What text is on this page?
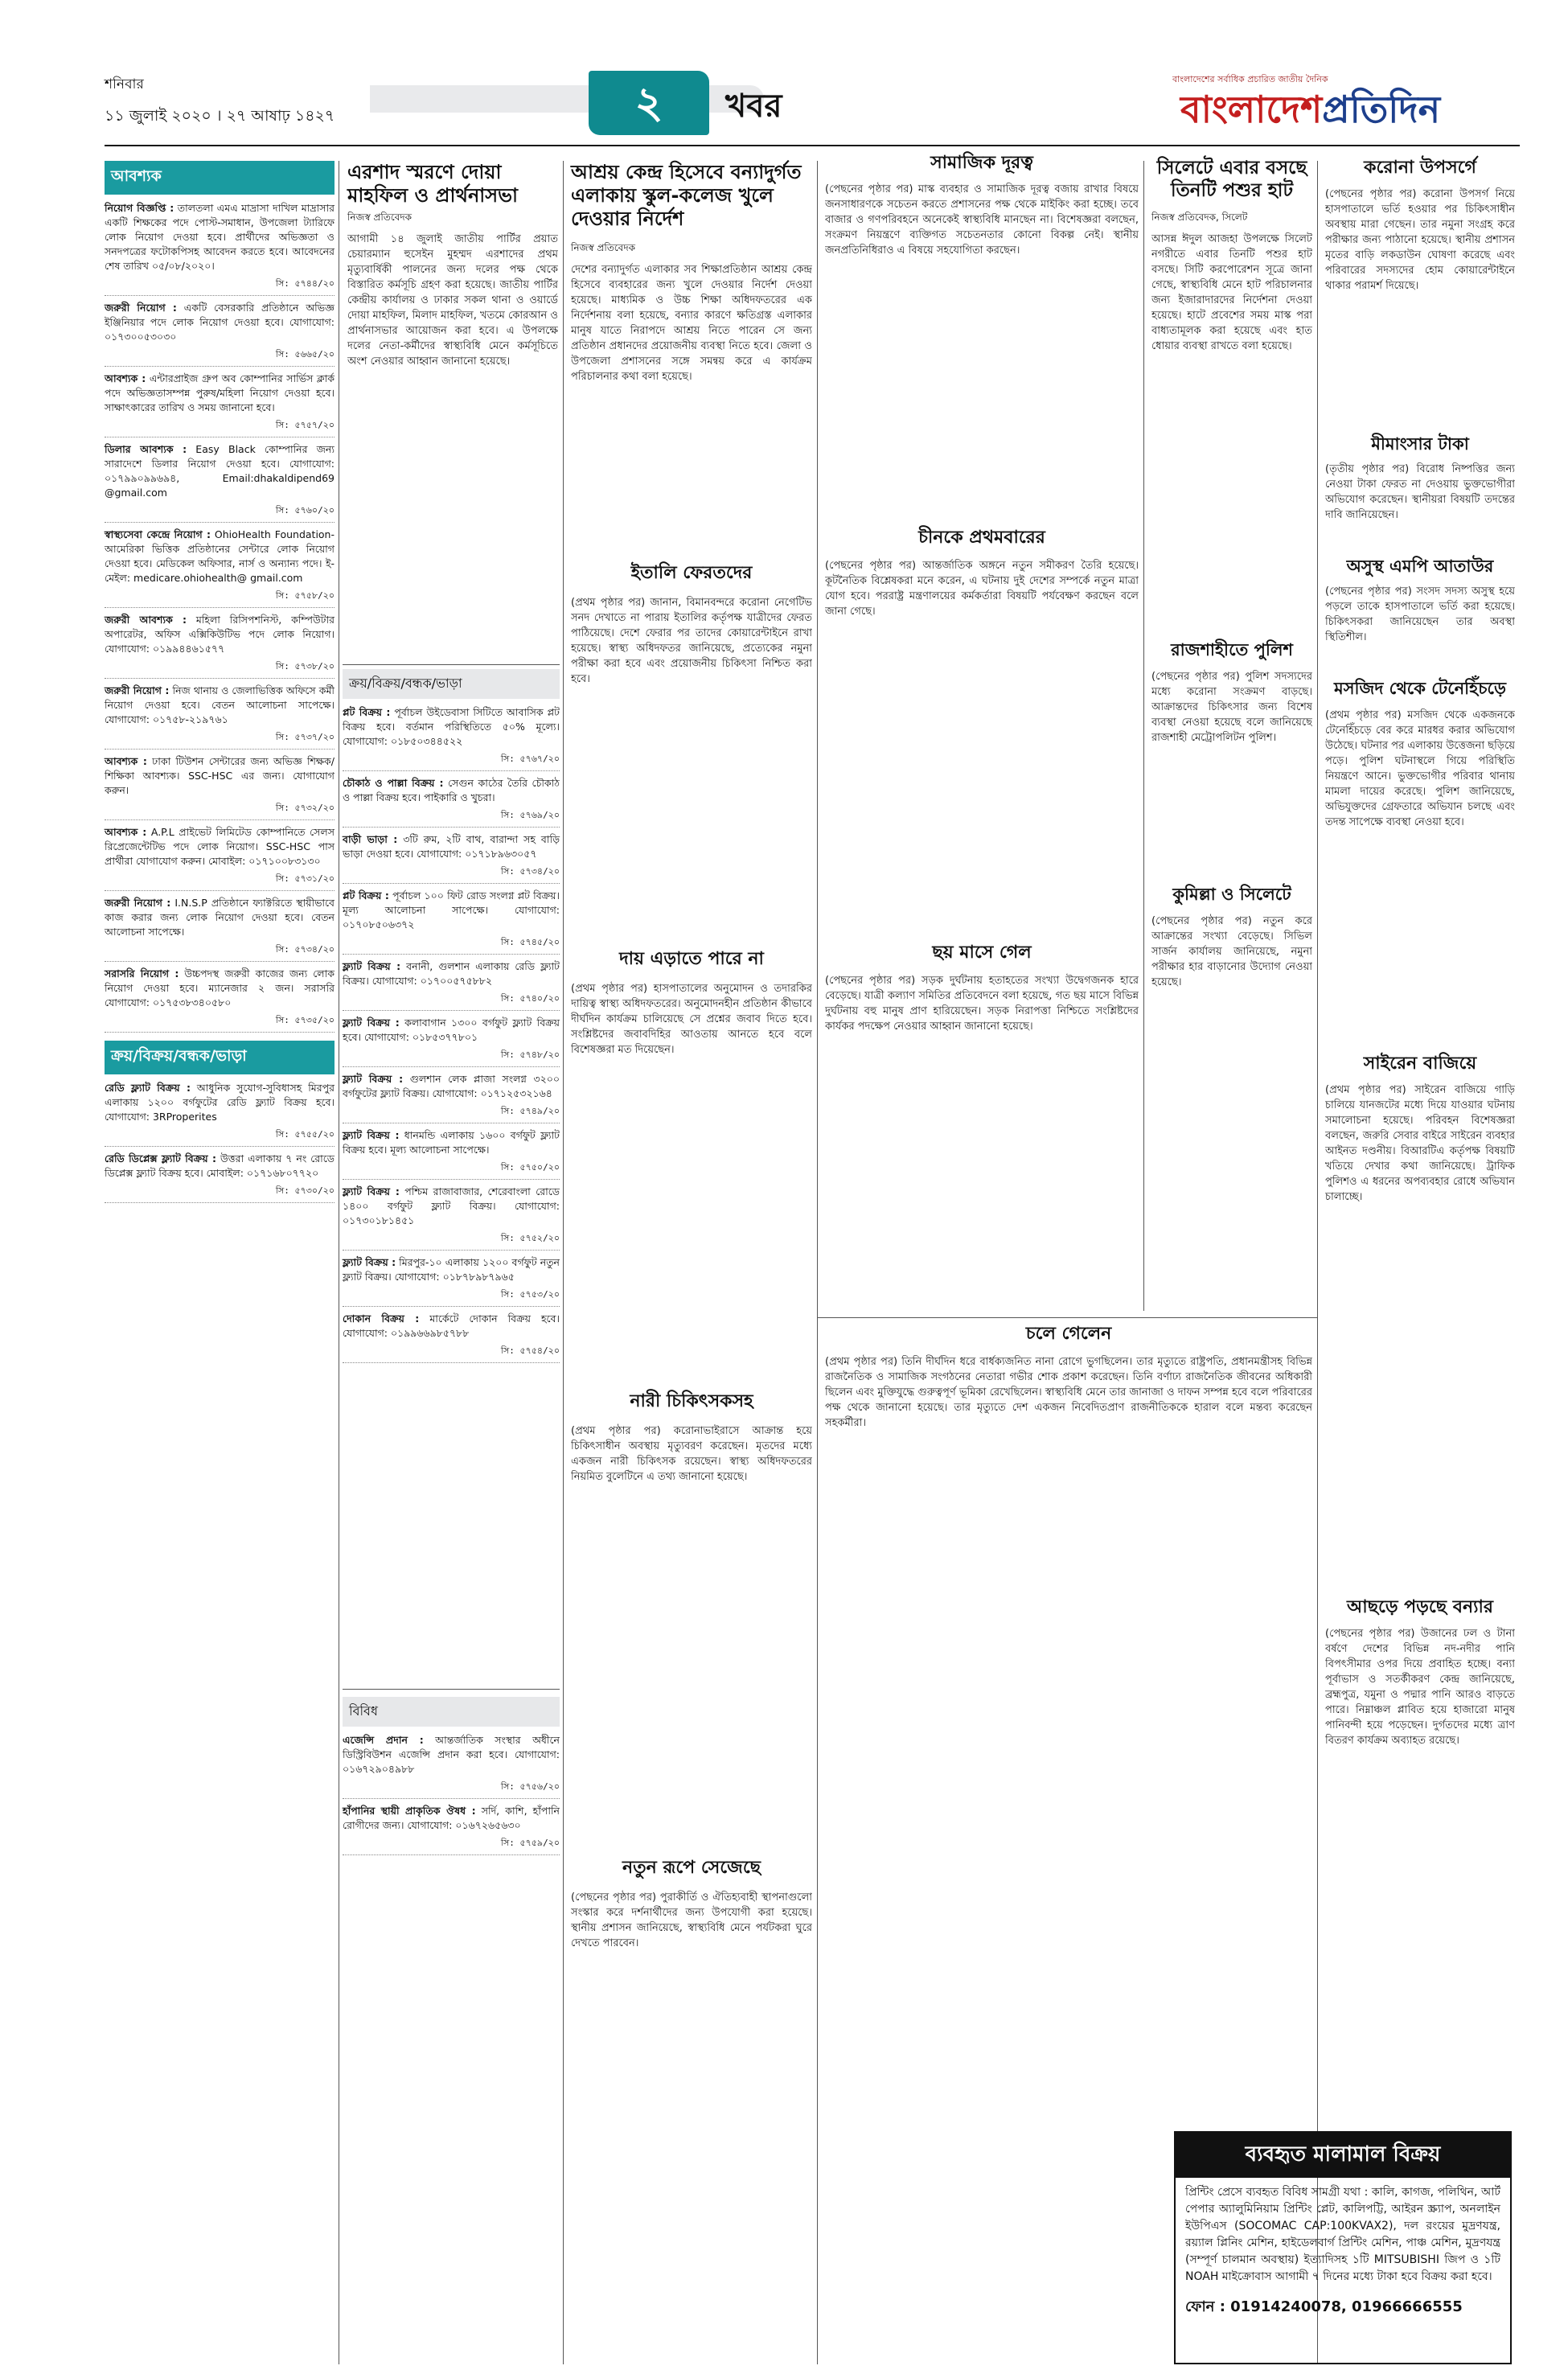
শনিবার
১১ জুলাই ২০২০ । ২৭ আষাঢ় ১৪২৭	২	খবর
বাংলাদেশের সর্বাধিক প্রচারিত জাতীয় দৈনিক
বাংলাদেশপ্রতিদিন
আবশ্যক
নিয়োগ বিজ্ঞপ্তি : তালতলা এমএ মাদ্রাসা দাখিল মাদ্রাসার একটি শিক্ষকের পদে পোস্ট-সমাধান, উপজেলা ট্যারিফে লোক নিয়োগ দেওয়া হবে। প্রার্থীদের অভিজ্ঞতা ও সনদপত্রের ফটোকপিসহ আবেদন করতে হবে। আবেদনের শেষ তারিখ ০৫/০৮/২০২০।
সি: ৫৭৪৪/২০
জরুরী নিয়োগ : একটি বেসরকারি প্রতিষ্ঠানে অভিজ্ঞ ইঞ্জিনিয়ার পদে লোক নিয়োগ দেওয়া হবে। যোগাযোগ: ০১৭৩০০৫৩০৩০
সি: ৫৬৬৫/২০
আবশ্যক : এন্টারপ্রাইজ গ্রুপ অব কোম্পানির সার্ভিস ক্লার্ক পদে অভিজ্ঞতাসম্পন্ন পুরুষ/মহিলা নিয়োগ দেওয়া হবে। সাক্ষাৎকারের তারিখ ও সময় জানানো হবে।
সি: ৫৭৫৭/২০
ডিলার আবশ্যক : Easy Black কোম্পানির জন্য সারাদেশে ডিলার নিয়োগ দেওয়া হবে। যোগাযোগ: ০১৭৯৯০৯৯৬৯৪, Email:dhakaldipend69 @gmail.com
সি: ৫৭৬০/২০
স্বাস্থ্যসেবা কেন্দ্রে নিয়োগ : OhioHealth Foundation- আমেরিকা ভিত্তিক প্রতিষ্ঠানের সেন্টারে লোক নিয়োগ দেওয়া হবে। মেডিকেল অফিসার, নার্স ও অন্যান্য পদে। ই-মেইল: medicare.ohiohealth@ gmail.com
সি: ৫৭৫৮/২০
জরুরী আবশ্যক : মহিলা রিসিপশনিস্ট, কম্পিউটার অপারেটর, অফিস এক্সিকিউটিভ পদে লোক নিয়োগ। যোগাযোগ: ০১৯৯৪৪৬১৫৭৭
সি: ৫৭৩৮/২০
জরুরী নিয়োগ : নিজ থানায় ও জেলাভিত্তিক অফিসে কর্মী নিয়োগ দেওয়া হবে। বেতন আলোচনা সাপেক্ষে। যোগাযোগ: ০১৭৫৮-২১৯৭৬১
সি: ৫৭৩৭/২০
আবশ্যক : ঢাকা টিউশন সেন্টারের জন্য অভিজ্ঞ শিক্ষক/শিক্ষিকা আবশ্যক। SSC-HSC এর জন্য। যোগাযোগ করুন।
সি: ৫৭৩২/২০
আবশ্যক : A.P.L প্রাইভেট লিমিটেড কোম্পানিতে সেলস রিপ্রেজেন্টেটিভ পদে লোক নিয়োগ। SSC-HSC পাস প্রার্থীরা যোগাযোগ করুন। মোবাইল: ০১৭১০০৮৩১৩০
সি: ৫৭৩১/২০
জরুরী নিয়োগ : I.N.S.P প্রতিষ্ঠানে ফ্যাক্টরিতে স্থায়ীভাবে কাজ করার জন্য লোক নিয়োগ দেওয়া হবে। বেতন আলোচনা সাপেক্ষে।
সি: ৫৭৩৪/২০
সরাসরি নিয়োগ : উচ্চপদস্থ জরুরী কাজের জন্য লোক নিয়োগ দেওয়া হবে। ম্যানেজার ২ জন। সরাসরি যোগাযোগ: ০১৭৫৩৮৩৪০৫৮০
সি: ৫৭৩৫/২০
ক্রয়/বিক্রয়/বন্ধক/ভাড়া
রেডি ফ্ল্যাট বিক্রয় : আধুনিক সুযোগ-সুবিধাসহ মিরপুর এলাকায় ১২০০ বর্গফুটের রেডি ফ্ল্যাট বিক্রয় হবে। যোগাযোগ: 3RProperites
সি: ৫৭৫৫/২০
রেডি ডিপ্লেক্স ফ্ল্যাট বিক্রয় : উত্তরা এলাকায় ৭ নং রোডে ডিপ্লেক্স ফ্ল্যাট বিক্রয় হবে। মোবাইল: ০১৭১৬৮০৭৭২০
সি: ৫৭৩০/২০
এরশাদ স্মরণে দোয়া মাহফিল ও প্রার্থনাসভা
নিজস্ব প্রতিবেদক

আগামী ১৪ জুলাই জাতীয় পার্টির প্রয়াত চেয়ারম্যান হুসেইন মুহম্মদ এরশাদের প্রথম মৃত্যুবার্ষিকী পালনের জন্য দলের পক্ষ থেকে বিস্তারিত কর্মসূচি গ্রহণ করা হয়েছে। জাতীয় পার্টির কেন্দ্রীয় কার্যালয় ও ঢাকার সকল থানা ও ওয়ার্ডে দোয়া মাহফিল, মিলাদ মাহফিল, খতমে কোরআন ও প্রার্থনাসভার আয়োজন করা হবে। এ উপলক্ষে দলের নেতা-কর্মীদের স্বাস্থ্যবিধি মেনে কর্মসূচিতে অংশ নেওয়ার আহ্বান জানানো হয়েছে।

ক্রয়/বিক্রয়/বন্ধক/ভাড়া
প্লট বিক্রয় : পূর্বাচল উইডেবাসা সিটিতে আবাসিক প্লট বিক্রয় হবে। বর্তমান পরিস্থিতিতে ৫০% মূল্যে। যোগাযোগ: ০১৮৫০৩৪৪৫২২
সি: ৫৭৬৭/২০
চৌকাঠ ও পাল্লা বিক্রয় : সেগুন কাঠের তৈরি চৌকাঠ ও পাল্লা বিক্রয় হবে। পাইকারি ও খুচরা।
সি: ৫৭৬৯/২০
বাড়ী ভাড়া : ৩টি রুম, ২টি বাথ, বারান্দা সহ বাড়ি ভাড়া দেওয়া হবে। যোগাযোগ: ০১৭১৮৯৬৩০৫৭
সি: ৫৭৩৪/২০
প্লট বিক্রয় : পূর্বাচল ১০০ ফিট রোড সংলগ্ন প্লট বিক্রয়। মূল্য আলোচনা সাপেক্ষে। যোগাযোগ: ০১৭০৮৫০৬৩৭২
সি: ৫৭৪৫/২০
ফ্ল্যাট বিক্রয় : বনানী, গুলশান এলাকায় রেডি ফ্ল্যাট বিক্রয়। যোগাযোগ: ০১৭০০৫৭৫৮৮২
সি: ৫৭৪০/২০
ফ্ল্যাট বিক্রয় : কলাবাগান ১৩০০ বর্গফুট ফ্ল্যাট বিক্রয় হবে। যোগাযোগ: ০১৮৫৩৭৭৮০১
সি: ৫৭৪৮/২০
ফ্ল্যাট বিক্রয় : গুলশান লেক প্লাজা সংলগ্ন ৩২০০ বর্গফুটের ফ্ল্যাট বিক্রয়। যোগাযোগ: ০১৭১২৫৩২১৬৪
সি: ৫৭৪৯/২০
ফ্ল্যাট বিক্রয় : ধানমন্ডি এলাকায় ১৬০০ বর্গফুট ফ্ল্যাট বিক্রয় হবে। মূল্য আলোচনা সাপেক্ষে।
সি: ৫৭৫০/২০
ফ্ল্যাট বিক্রয় : পশ্চিম রাজাবাজার, শেরেবাংলা রোডে ১৪০০ বর্গফুট ফ্ল্যাট বিক্রয়। যোগাযোগ: ০১৭৩০১৮১৪৫১
সি: ৫৭৫২/২০
ফ্ল্যাট বিক্রয় : মিরপুর-১০ এলাকায় ১২০০ বর্গফুট নতুন ফ্ল্যাট বিক্রয়। যোগাযোগ: ০১৮৭৮৯৮৭৯৬৫
সি: ৫৭৫৩/২০
দোকান বিক্রয় : মার্কেটে দোকান বিক্রয় হবে। যোগাযোগ: ০১৯৯৬৬৯৮৫৭৮৮
সি: ৫৭৫৪/২০
বিবিধ
এজেন্সি প্রদান : আন্তর্জাতিক সংস্থার অধীনে ডিস্ট্রিবিউশন এজেন্সি প্রদান করা হবে। যোগাযোগ: ০১৬৭২৯০৪৯৮৮
সি: ৫৭৫৬/২০
হাঁপানির স্থায়ী প্রাকৃতিক ঔষধ : সর্দি, কাশি, হাঁপানি রোগীদের জন্য। যোগাযোগ: ০১৬৭২৬৫৬৩০
সি: ৫৭৫৯/২০
আশ্রয় কেন্দ্র হিসেবে বন্যাদুর্গত এলাকায় স্কুল-কলেজ খুলে দেওয়ার নির্দেশ
নিজস্ব প্রতিবেদক

দেশের বন্যাদুর্গত এলাকার সব শিক্ষাপ্রতিষ্ঠান আশ্রয় কেন্দ্র হিসেবে ব্যবহারের জন্য খুলে দেওয়ার নির্দেশ দেওয়া হয়েছে। মাধ্যমিক ও উচ্চ শিক্ষা অধিদফতরের এক নির্দেশনায় বলা হয়েছে, বন্যার কারণে ক্ষতিগ্রস্ত এলাকার মানুষ যাতে নিরাপদে আশ্রয় নিতে পারেন সে জন্য প্রতিষ্ঠান প্রধানদের প্রয়োজনীয় ব্যবস্থা নিতে হবে। জেলা ও উপজেলা প্রশাসনের সঙ্গে সমন্বয় করে এ কার্যক্রম পরিচালনার কথা বলা হয়েছে।

ইতালি ফেরতদের

(প্রথম পৃষ্ঠার পর) জানান, বিমানবন্দরে করোনা নেগেটিভ সনদ দেখাতে না পারায় ইতালির কর্তৃপক্ষ যাত্রীদের ফেরত পাঠিয়েছে। দেশে ফেরার পর তাদের কোয়ারেন্টাইনে রাখা হয়েছে। স্বাস্থ্য অধিদফতর জানিয়েছে, প্রত্যেকের নমুনা পরীক্ষা করা হবে এবং প্রয়োজনীয় চিকিৎসা নিশ্চিত করা হবে।

দায় এড়াতে পারে না

(প্রথম পৃষ্ঠার পর) হাসপাতালের অনুমোদন ও তদারকির দায়িত্ব স্বাস্থ্য অধিদফতরের। অনুমোদনহীন প্রতিষ্ঠান কীভাবে দীর্ঘদিন কার্যক্রম চালিয়েছে সে প্রশ্নের জবাব দিতে হবে। সংশ্লিষ্টদের জবাবদিহির আওতায় আনতে হবে বলে বিশেষজ্ঞরা মত দিয়েছেন।

নারী চিকিৎসকসহ

(প্রথম পৃষ্ঠার পর) করোনাভাইরাসে আক্রান্ত হয়ে চিকিৎসাধীন অবস্থায় মৃত্যুবরণ করেছেন। মৃতদের মধ্যে একজন নারী চিকিৎসক রয়েছেন। স্বাস্থ্য অধিদফতরের নিয়মিত বুলেটিনে এ তথ্য জানানো হয়েছে।

নতুন রূপে সেজেছে

(পেছনের পৃষ্ঠার পর) পুরাকীর্তি ও ঐতিহ্যবাহী স্থাপনাগুলো সংস্কার করে দর্শনার্থীদের জন্য উপযোগী করা হয়েছে। স্থানীয় প্রশাসন জানিয়েছে, স্বাস্থ্যবিধি মেনে পর্যটকরা ঘুরে দেখতে পারবেন।

সামাজিক দূরত্ব

(পেছনের পৃষ্ঠার পর) মাস্ক ব্যবহার ও সামাজিক দূরত্ব বজায় রাখার বিষয়ে জনসাধারণকে সচেতন করতে প্রশাসনের পক্ষ থেকে মাইকিং করা হচ্ছে। তবে বাজার ও গণপরিবহনে অনেকেই স্বাস্থ্যবিধি মানছেন না। বিশেষজ্ঞরা বলছেন, সংক্রমণ নিয়ন্ত্রণে ব্যক্তিগত সচেতনতার কোনো বিকল্প নেই। স্থানীয় জনপ্রতিনিধিরাও এ বিষয়ে সহযোগিতা করছেন।

চীনকে প্রথমবারের

(পেছনের পৃষ্ঠার পর) আন্তর্জাতিক অঙ্গনে নতুন সমীকরণ তৈরি হয়েছে। কূটনৈতিক বিশ্লেষকরা মনে করেন, এ ঘটনায় দুই দেশের সম্পর্কে নতুন মাত্রা যোগ হবে। পররাষ্ট্র মন্ত্রণালয়ের কর্মকর্তারা বিষয়টি পর্যবেক্ষণ করছেন বলে জানা গেছে।

ছয় মাসে গেল

(পেছনের পৃষ্ঠার পর) সড়ক দুর্ঘটনায় হতাহতের সংখ্যা উদ্বেগজনক হারে বেড়েছে। যাত্রী কল্যাণ সমিতির প্রতিবেদনে বলা হয়েছে, গত ছয় মাসে বিভিন্ন দুর্ঘটনায় বহু মানুষ প্রাণ হারিয়েছেন। সড়ক নিরাপত্তা নিশ্চিতে সংশ্লিষ্টদের কার্যকর পদক্ষেপ নেওয়ার আহ্বান জানানো হয়েছে।

সিলেটে এবার বসছে তিনটি পশুর হাট
নিজস্ব প্রতিবেদক, সিলেট

আসন্ন ঈদুল আজহা উপলক্ষে সিলেট নগরীতে এবার তিনটি পশুর হাট বসছে। সিটি করপোরেশন সূত্রে জানা গেছে, স্বাস্থ্যবিধি মেনে হাট পরিচালনার জন্য ইজারাদারদের নির্দেশনা দেওয়া হয়েছে। হাটে প্রবেশের সময় মাস্ক পরা বাধ্যতামূলক করা হয়েছে এবং হাত ধোয়ার ব্যবস্থা রাখতে বলা হয়েছে।

রাজশাহীতে পুলিশ

(পেছনের পৃষ্ঠার পর) পুলিশ সদস্যদের মধ্যে করোনা সংক্রমণ বাড়ছে। আক্রান্তদের চিকিৎসার জন্য বিশেষ ব্যবস্থা নেওয়া হয়েছে বলে জানিয়েছে রাজশাহী মেট্রোপলিটন পুলিশ।

কুমিল্লা ও সিলেটে

(পেছনের পৃষ্ঠার পর) নতুন করে আক্রান্তের সংখ্যা বেড়েছে। সিভিল সার্জন কার্যালয় জানিয়েছে, নমুনা পরীক্ষার হার বাড়ানোর উদ্যোগ নেওয়া হয়েছে।

চলে গেলেন

(প্রথম পৃষ্ঠার পর) তিনি দীর্ঘদিন ধরে বার্ধক্যজনিত নানা রোগে ভুগছিলেন। তার মৃত্যুতে রাষ্ট্রপতি, প্রধানমন্ত্রীসহ বিভিন্ন রাজনৈতিক ও সামাজিক সংগঠনের নেতারা গভীর শোক প্রকাশ করেছেন। তিনি বর্ণাঢ্য রাজনৈতিক জীবনের অধিকারী ছিলেন এবং মুক্তিযুদ্ধে গুরুত্বপূর্ণ ভূমিকা রেখেছিলেন। স্বাস্থ্যবিধি মেনে তার জানাজা ও দাফন সম্পন্ন হবে বলে পরিবারের পক্ষ থেকে জানানো হয়েছে। তার মৃত্যুতে দেশ একজন নিবেদিতপ্রাণ রাজনীতিককে হারাল বলে মন্তব্য করেছেন সহকর্মীরা।

করোনা উপসর্গে

(পেছনের পৃষ্ঠার পর) করোনা উপসর্গ নিয়ে হাসপাতালে ভর্তি হওয়ার পর চিকিৎসাধীন অবস্থায় মারা গেছেন। তার নমুনা সংগ্রহ করে পরীক্ষার জন্য পাঠানো হয়েছে। স্থানীয় প্রশাসন মৃতের বাড়ি লকডাউন ঘোষণা করেছে এবং পরিবারের সদস্যদের হোম কোয়ারেন্টাইনে থাকার পরামর্শ দিয়েছে।

মীমাংসার টাকা

(তৃতীয় পৃষ্ঠার পর) বিরোধ নিষ্পত্তির জন্য নেওয়া টাকা ফেরত না দেওয়ায় ভুক্তভোগীরা অভিযোগ করেছেন। স্থানীয়রা বিষয়টি তদন্তের দাবি জানিয়েছেন।

অসুস্থ এমপি আতাউর

(পেছনের পৃষ্ঠার পর) সংসদ সদস্য অসুস্থ হয়ে পড়লে তাকে হাসপাতালে ভর্তি করা হয়েছে। চিকিৎসকরা জানিয়েছেন তার অবস্থা স্থিতিশীল।

মসজিদ থেকে টেনেহিঁচড়ে

(প্রথম পৃষ্ঠার পর) মসজিদ থেকে একজনকে টেনেহিঁচড়ে বের করে মারধর করার অভিযোগ উঠেছে। ঘটনার পর এলাকায় উত্তেজনা ছড়িয়ে পড়ে। পুলিশ ঘটনাস্থলে গিয়ে পরিস্থিতি নিয়ন্ত্রণে আনে। ভুক্তভোগীর পরিবার থানায় মামলা দায়ের করেছে। পুলিশ জানিয়েছে, অভিযুক্তদের গ্রেফতারে অভিযান চলছে এবং তদন্ত সাপেক্ষে ব্যবস্থা নেওয়া হবে।

সাইরেন বাজিয়ে

(প্রথম পৃষ্ঠার পর) সাইরেন বাজিয়ে গাড়ি চালিয়ে যানজটের মধ্যে দিয়ে যাওয়ার ঘটনায় সমালোচনা হয়েছে। পরিবহন বিশেষজ্ঞরা বলছেন, জরুরি সেবার বাইরে সাইরেন ব্যবহার আইনত দণ্ডনীয়। বিআরটিএ কর্তৃপক্ষ বিষয়টি খতিয়ে দেখার কথা জানিয়েছে। ট্রাফিক পুলিশও এ ধরনের অপব্যবহার রোধে অভিযান চালাচ্ছে।

আছড়ে পড়ছে বন্যার

(পেছনের পৃষ্ঠার পর) উজানের ঢল ও টানা বর্ষণে দেশের বিভিন্ন নদ-নদীর পানি বিপৎসীমার ওপর দিয়ে প্রবাহিত হচ্ছে। বন্যা পূর্বাভাস ও সতর্কীকরণ কেন্দ্র জানিয়েছে, ব্রহ্মপুত্র, যমুনা ও পদ্মার পানি আরও বাড়তে পারে। নিম্নাঞ্চল প্লাবিত হয়ে হাজারো মানুষ পানিবন্দী হয়ে পড়েছেন। দুর্গতদের মধ্যে ত্রাণ বিতরণ কার্যক্রম অব্যাহত রয়েছে।

ব্যবহৃত মালামাল বিক্রয়
প্রিন্টিং প্রেসে ব্যবহৃত বিবিধ সামগ্রী যথা : কালি, কাগজ, পলিথিন, আর্ট পেপার অ্যালুমিনিয়াম প্রিন্টিং প্লেট, কালিপট্টি, আইরন স্ক্র্যাপ, অনলাইন ইউপিএস (SOCOMAC CAP:100KVAX2), দল রংয়ের মুদ্রণযন্ত্র, রয়্যাল প্লিনিং মেশিন, হাইডেলবার্গ প্রিন্টিং মেশিন, পাঞ্চ মেশিন, মুদ্রণযন্ত্র (সম্পূর্ণ চালমান অবস্থায়) ইত্যাদিসহ ১টি MITSUBISHI জিপ ও ১টি NOAH মাইক্রোবাস আগামী ৭ দিনের মধ্যে টাকা হবে বিক্রয় করা হবে।
ফোন : 01914240078, 01966666555
